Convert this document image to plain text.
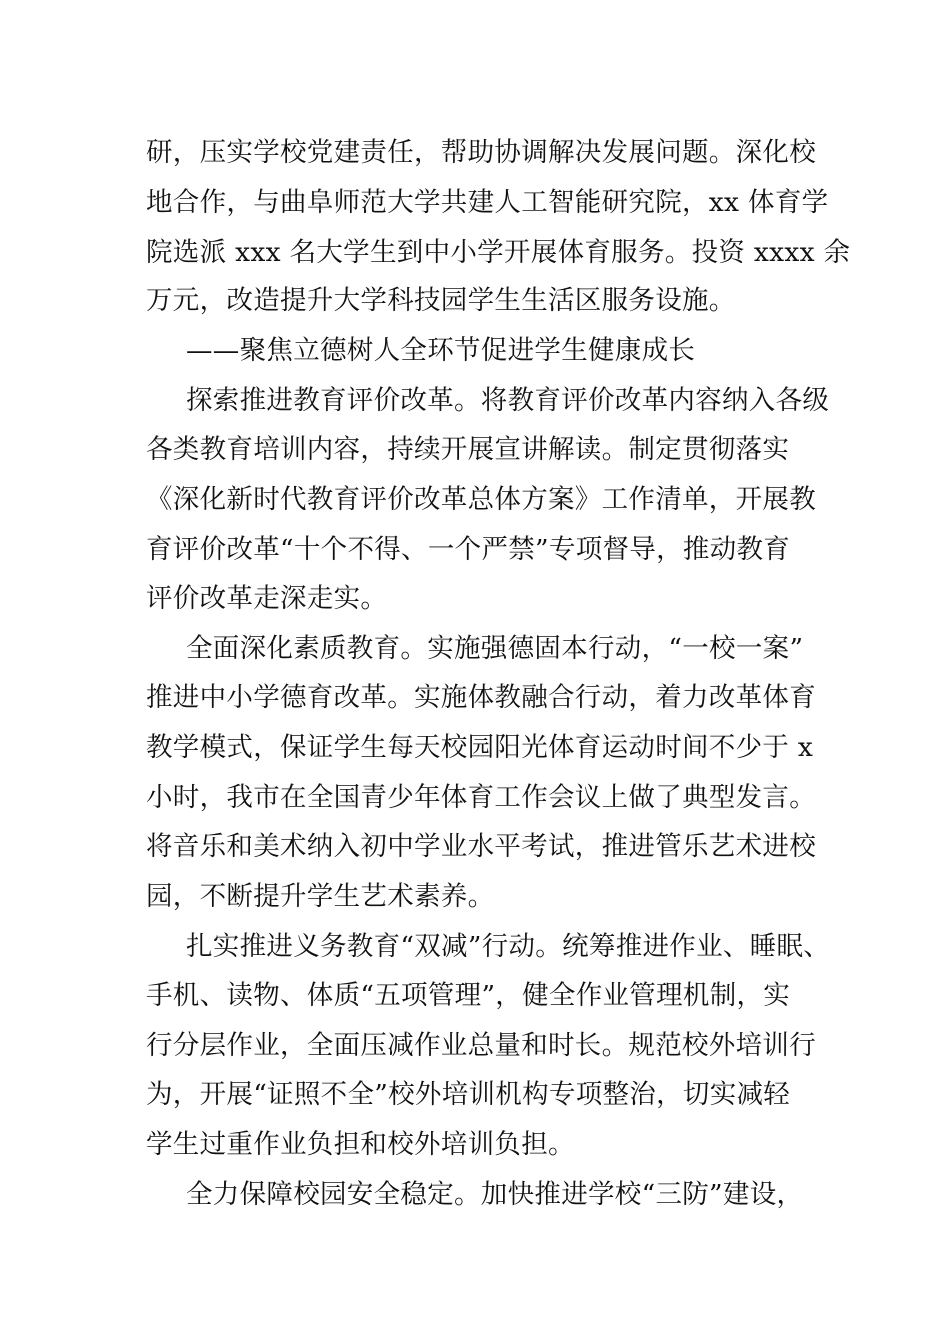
研，压实学校党建责任，帮助协调解决发展问题。深化校
地合作，与曲阜师范大学共建人工智能研究院，xx 体育学
院选派 xxx 名大学生到中小学开展体育服务。投资 xxxx 余
万元，改造提升大学科技园学生生活区服务设施。
——聚焦立德树人全环节促进学生健康成长
探索推进教育评价改革。将教育评价改革内容纳入各级
各类教育培训内容，持续开展宣讲解读。制定贯彻落实
《深化新时代教育评价改革总体方案》工作清单，开展教
育评价改革“十个不得、一个严禁”专项督导，推动教育
评价改革走深走实。
全面深化素质教育。实施强德固本行动，“一校一案”
推进中小学德育改革。实施体教融合行动，着力改革体育
教学模式，保证学生每天校园阳光体育运动时间不少于 x
小时，我市在全国青少年体育工作会议上做了典型发言。
将音乐和美术纳入初中学业水平考试，推进管乐艺术进校
园，不断提升学生艺术素养。
扎实推进义务教育“双减”行动。统筹推进作业、睡眠、
手机、读物、体质“五项管理”，健全作业管理机制，实
行分层作业，全面压减作业总量和时长。规范校外培训行
为，开展“证照不全”校外培训机构专项整治，切实减轻
学生过重作业负担和校外培训负担。
全力保障校园安全稳定。加快推进学校“三防”建设，
